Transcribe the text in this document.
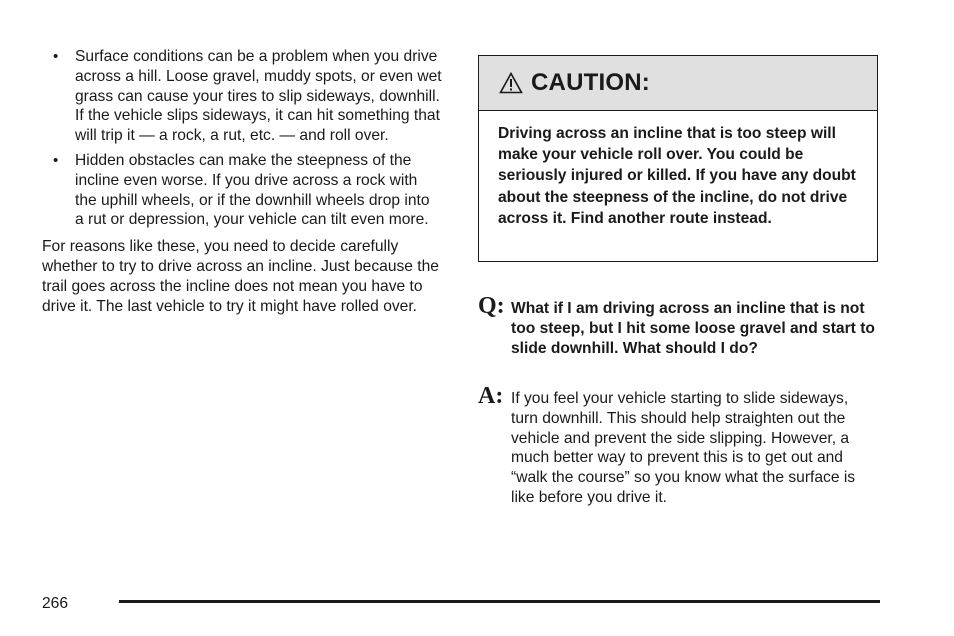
• Surface conditions can be a problem when you drive across a hill. Loose gravel, muddy spots, or even wet grass can cause your tires to slip sideways, downhill. If the vehicle slips sideways, it can hit something that will trip it — a rock, a rut, etc. — and roll over.
• Hidden obstacles can make the steepness of the incline even worse. If you drive across a rock with the uphill wheels, or if the downhill wheels drop into a rut or depression, your vehicle can tilt even more.

For reasons like these, you need to decide carefully whether to try to drive across an incline. Just because the trail goes across the incline does not mean you have to drive it. The last vehicle to try it might have rolled over.

CAUTION:
Driving across an incline that is too steep will make your vehicle roll over. You could be seriously injured or killed. If you have any doubt about the steepness of the incline, do not drive across it. Find another route instead.
Q: What if I am driving across an incline that is not too steep, but I hit some loose gravel and start to slide downhill. What should I do?
A: If you feel your vehicle starting to slide sideways, turn downhill. This should help straighten out the vehicle and prevent the side slipping. However, a much better way to prevent this is to get out and “walk the course” so you know what the surface is like before you drive it.
266
